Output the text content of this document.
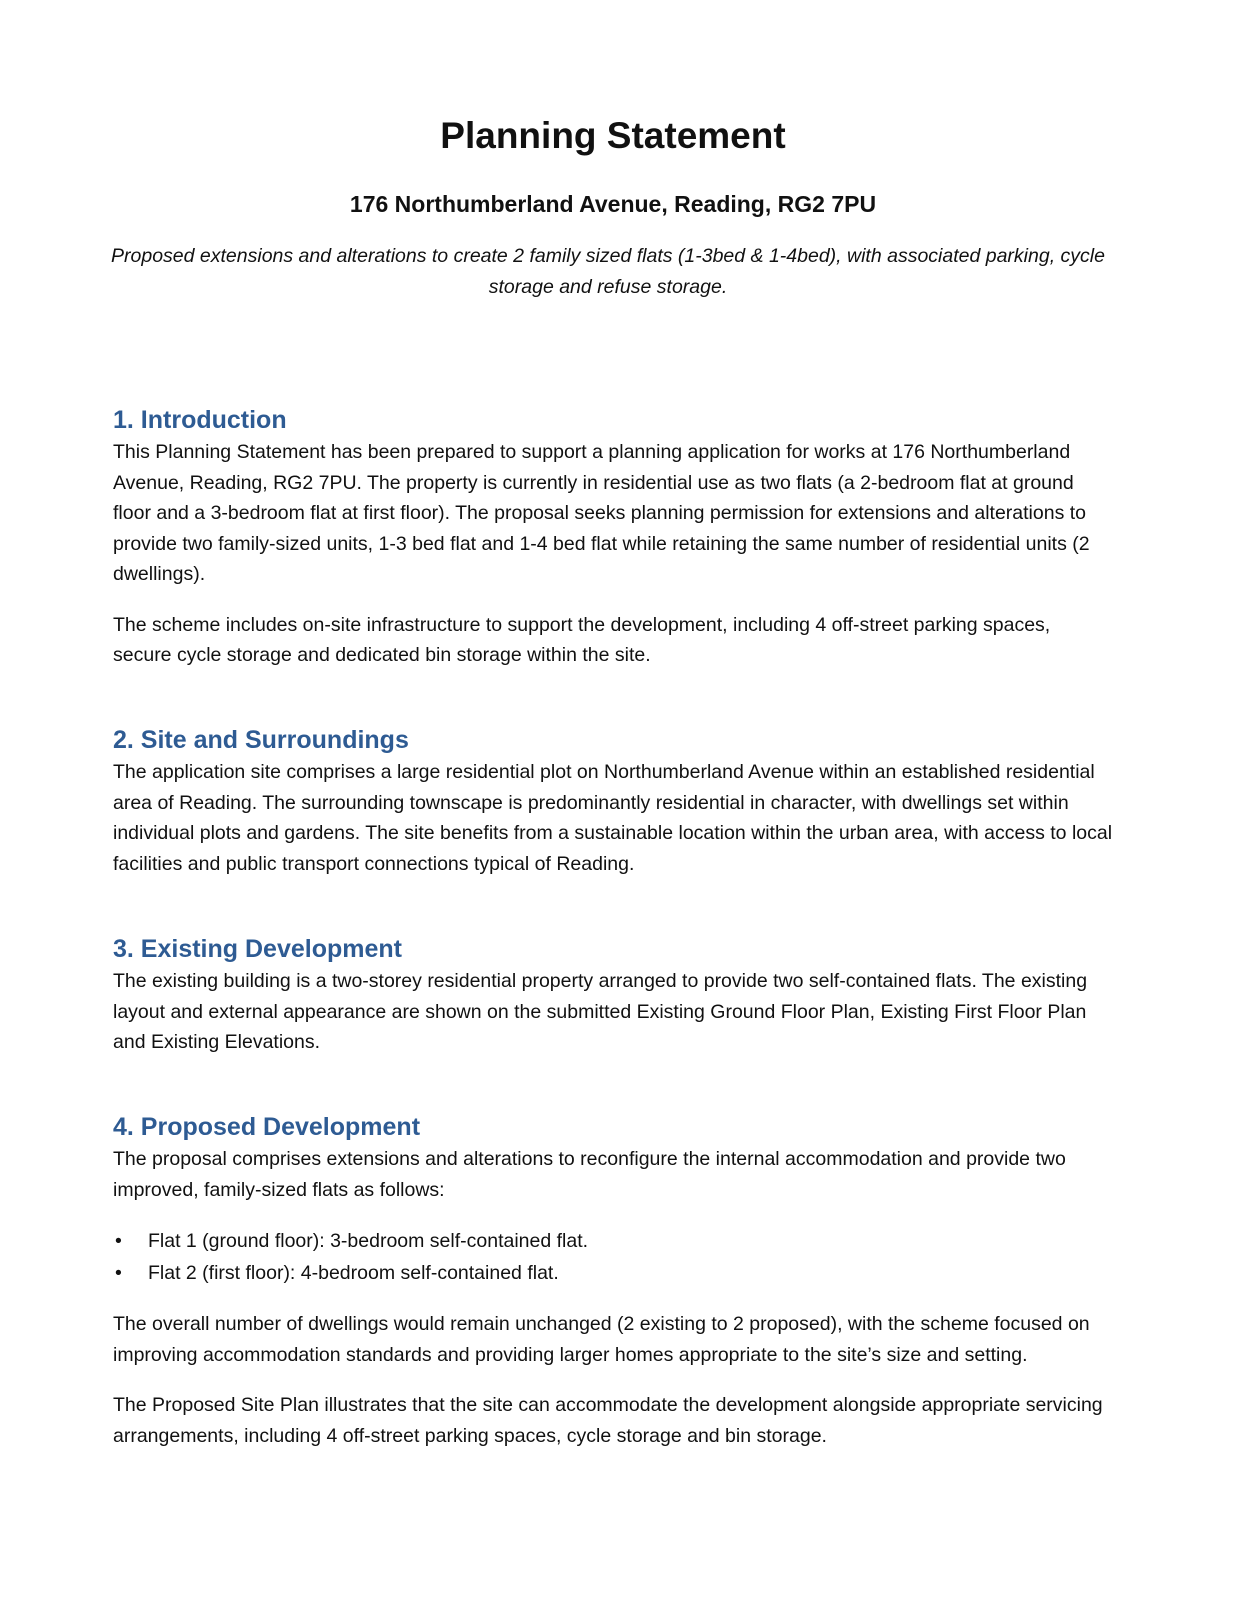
Planning Statement
176 Northumberland Avenue, Reading, RG2 7PU

Proposed extensions and alterations to create 2 family sized flats (1-3bed & 1-4bed), with associated parking, cycle storage and refuse storage.

1. Introduction

This Planning Statement has been prepared to support a planning application for works at 176 Northumberland Avenue, Reading, RG2 7PU. The property is currently in residential use as two flats (a 2-bedroom flat at ground floor and a 3-bedroom flat at first floor). The proposal seeks planning permission for extensions and alterations to provide two family-sized units, 1-3 bed flat and 1-4 bed flat while retaining the same number of residential units (2 dwellings).

The scheme includes on-site infrastructure to support the development, including 4 off-street parking spaces, secure cycle storage and dedicated bin storage within the site.

2. Site and Surroundings

The application site comprises a large residential plot on Northumberland Avenue within an established residential area of Reading. The surrounding townscape is predominantly residential in character, with dwellings set within individual plots and gardens. The site benefits from a sustainable location within the urban area, with access to local facilities and public transport connections typical of Reading.

3. Existing Development

The existing building is a two-storey residential property arranged to provide two self-contained flats. The existing layout and external appearance are shown on the submitted Existing Ground Floor Plan, Existing First Floor Plan and Existing Elevations.

4. Proposed Development

The proposal comprises extensions and alterations to reconfigure the internal accommodation and provide two improved, family-sized flats as follows:

• Flat 1 (ground floor): 3-bedroom self-contained flat.
• Flat 2 (first floor): 4-bedroom self-contained flat.

The overall number of dwellings would remain unchanged (2 existing to 2 proposed), with the scheme focused on improving accommodation standards and providing larger homes appropriate to the site’s size and setting.

The Proposed Site Plan illustrates that the site can accommodate the development alongside appropriate servicing arrangements, including 4 off-street parking spaces, cycle storage and bin storage.
